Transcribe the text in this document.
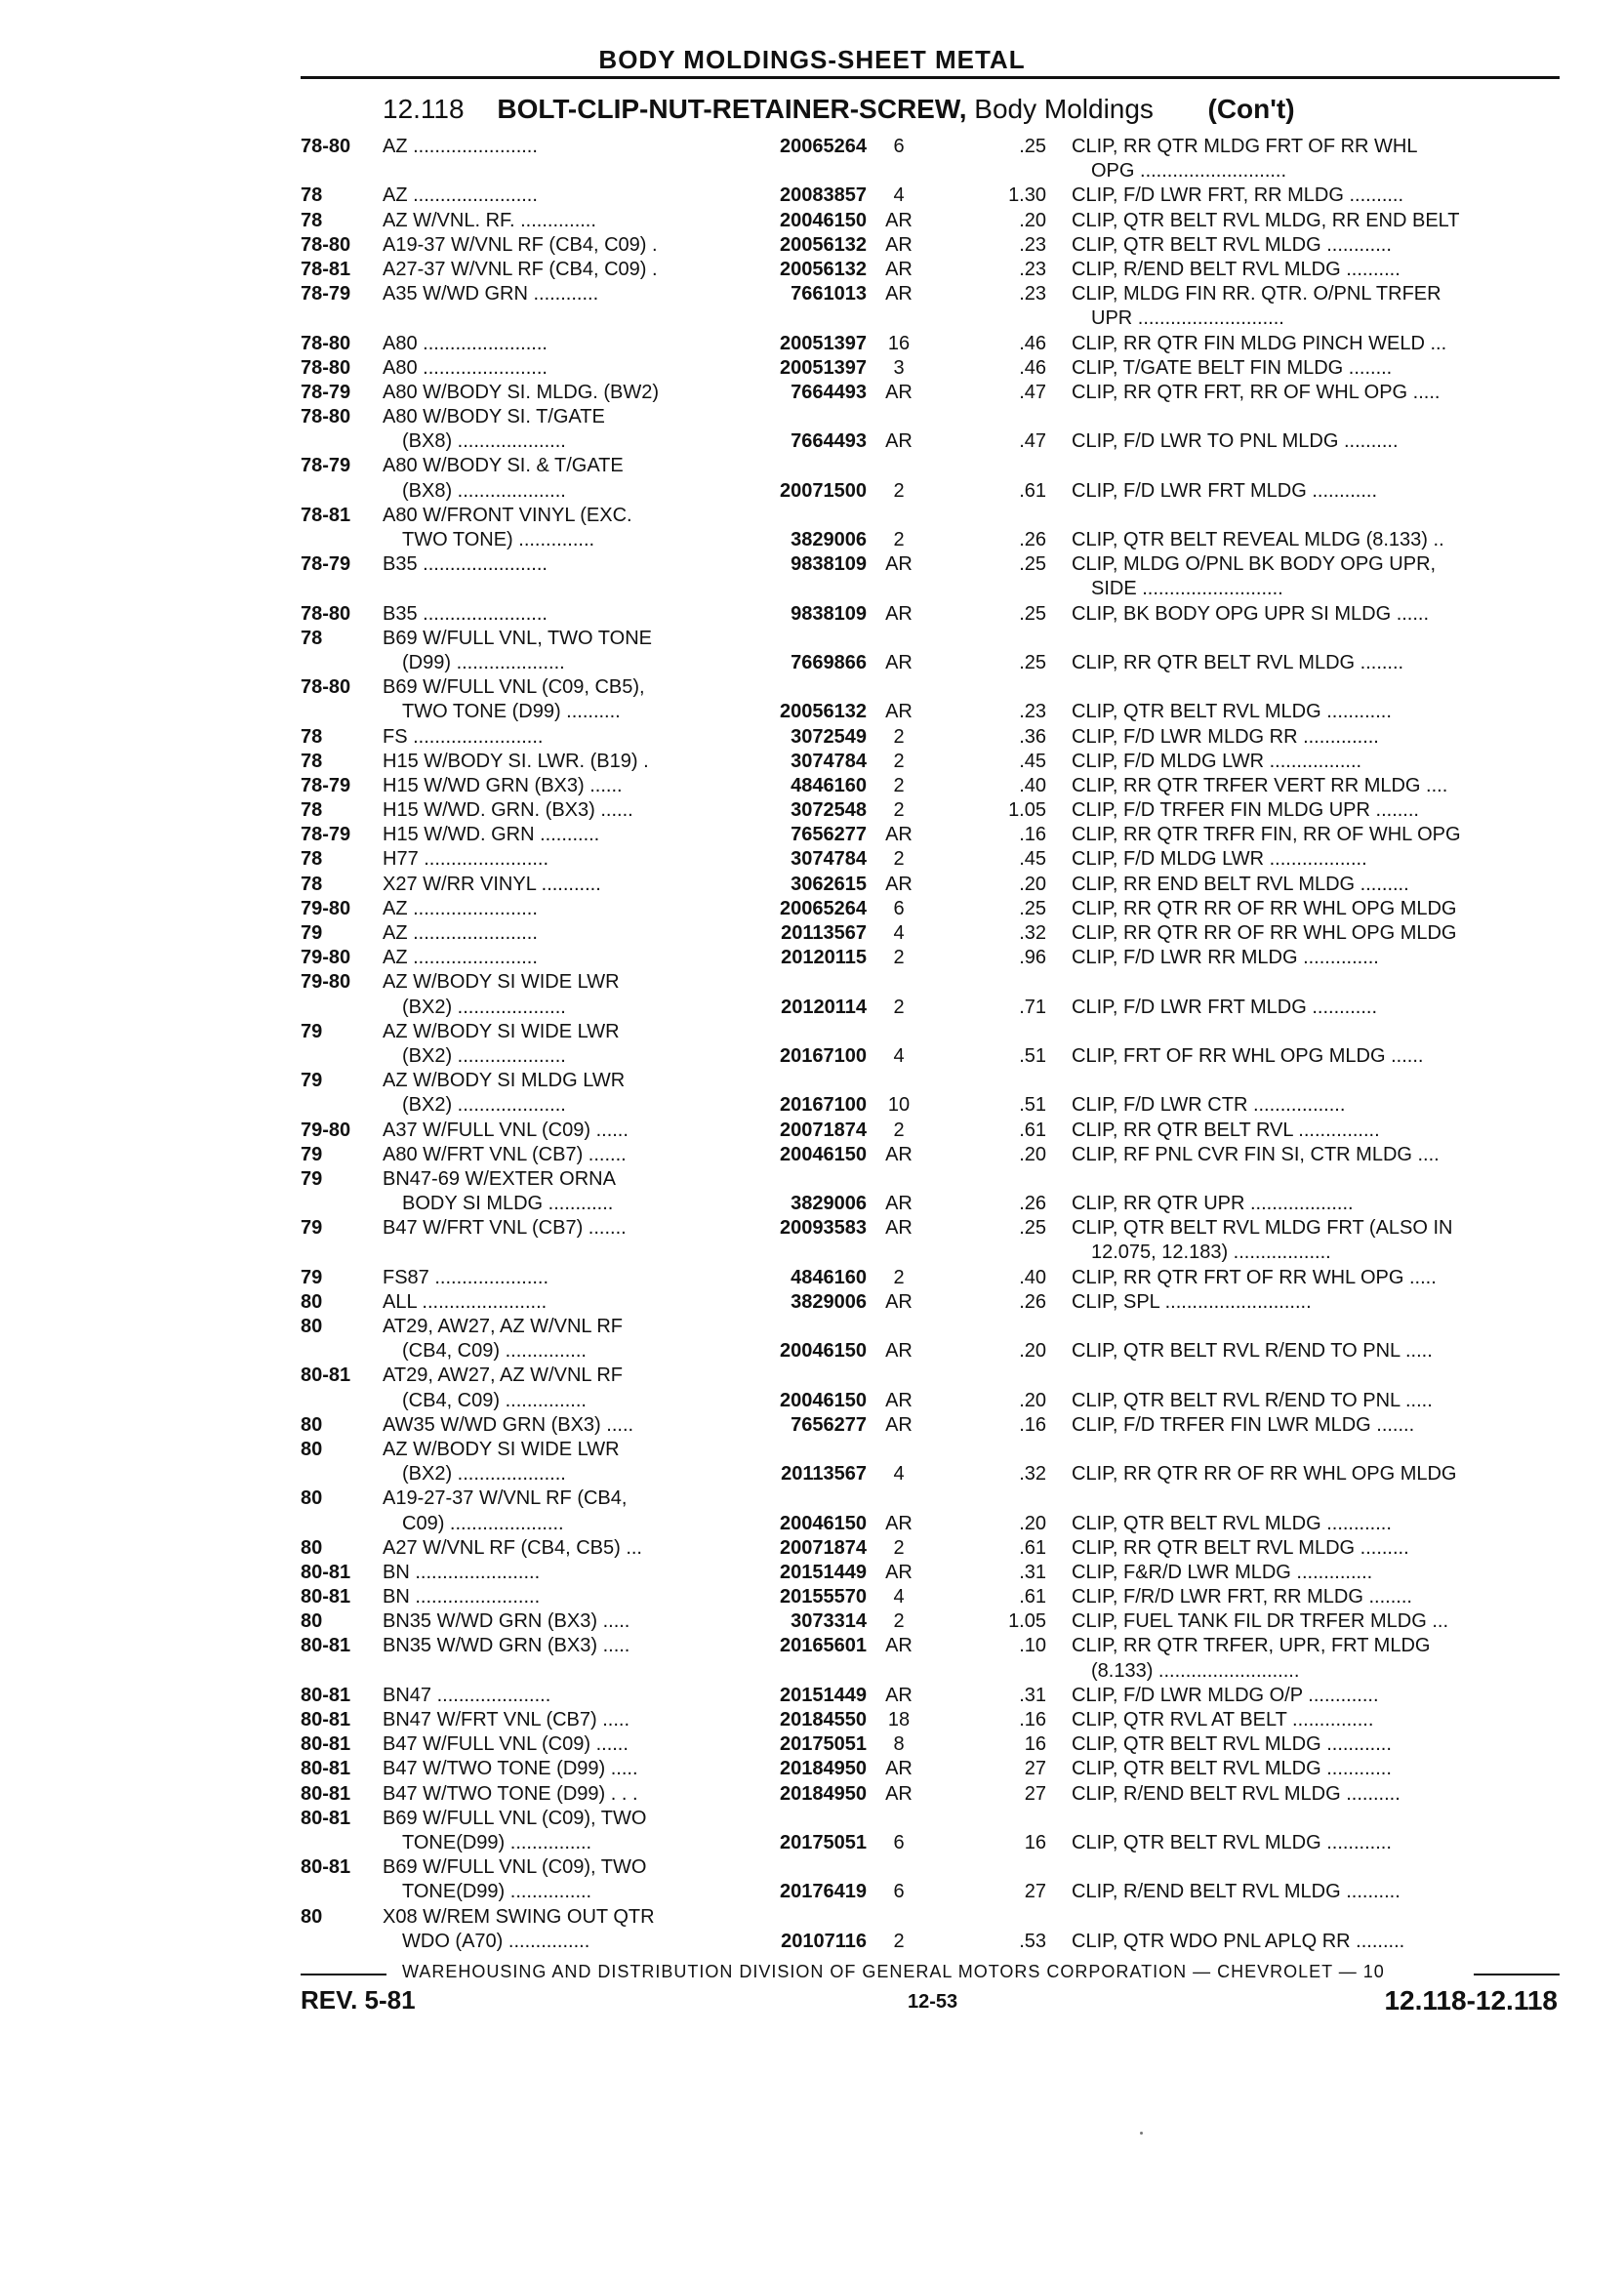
BODY MOLDINGS-SHEET METAL
12.118 BOLT-CLIP-NUT-RETAINER-SCREW, Body Moldings (Con't)
78-80	AZ .......................	20065264	6	.25 CLIP, RR QTR MLDG FRT OF RR WHL
OPG ...........................
78	AZ .......................	20083857	4	1.30 CLIP, F/D LWR FRT, RR MLDG ..........
78	AZ W/VNL. RF. ..............	20046150 AR	.20 CLIP, QTR BELT RVL MLDG, RR END BELT
78-80	A19-37 W/VNL RF (CB4, C09) .	20056132 AR	.23 CLIP, QTR BELT RVL MLDG ............
78-81	A27-37 W/VNL RF (CB4, C09) .	20056132 AR	.23 CLIP, R/END BELT RVL MLDG ..........
78-79	A35 W/WD GRN ............	7661013 AR	.23 CLIP, MLDG FIN RR. QTR. O/PNL TRFER
UPR ...........................
78-80	A80 .......................	20051397	16	.46 CLIP, RR QTR FIN MLDG PINCH WELD ...
78-80	A80 .......................	20051397	3	.46 CLIP, T/GATE BELT FIN MLDG ........
78-79	A80 W/BODY SI. MLDG. (BW2)	7664493 AR	.47 CLIP, RR QTR FRT, RR OF WHL OPG .....
78-80	A80 W/BODY SI. T/GATE
(BX8) ....................	7664493 AR	.47 CLIP, F/D LWR TO PNL MLDG ..........
78-79	A80 W/BODY SI. & T/GATE
(BX8) ....................	20071500	2	.61 CLIP, F/D LWR FRT MLDG ............
78-81	A80 W/FRONT VINYL (EXC.
TWO TONE) ..............	3829006	2	.26 CLIP, QTR BELT REVEAL MLDG (8.133) ..
78-79	B35 .......................	9838109 AR	.25 CLIP, MLDG O/PNL BK BODY OPG UPR,
SIDE ..........................
78-80	B35 .......................	9838109 AR	.25 CLIP, BK BODY OPG UPR SI MLDG ......
78	B69 W/FULL VNL, TWO TONE
(D99) ....................	7669866 AR	.25 CLIP, RR QTR BELT RVL MLDG ........
78-80	B69 W/FULL VNL (C09, CB5),
TWO TONE (D99) ..........	20056132 AR	.23 CLIP, QTR BELT RVL MLDG ............
78	FS ........................	3072549	2	.36 CLIP, F/D LWR MLDG RR ..............
78	H15 W/BODY SI. LWR. (B19) .	3074784	2	.45 CLIP, F/D MLDG LWR .................
78-79	H15 W/WD GRN (BX3) ......	4846160	2	.40 CLIP, RR QTR TRFER VERT RR MLDG ....
78	H15 W/WD. GRN. (BX3) ......	3072548	2	1.05 CLIP, F/D TRFER FIN MLDG UPR ........
78-79	H15 W/WD. GRN ...........	7656277 AR	.16 CLIP, RR QTR TRFR FIN, RR OF WHL OPG
78	H77 .......................	3074784	2	.45 CLIP, F/D MLDG LWR ..................
78	X27 W/RR VINYL ...........	3062615 AR	.20 CLIP, RR END BELT RVL MLDG .........
79-80	AZ .......................	20065264	6	.25 CLIP, RR QTR RR OF RR WHL OPG MLDG
79	AZ .......................	20113567	4	.32 CLIP, RR QTR RR OF RR WHL OPG MLDG
79-80	AZ .......................	20120115	2	.96 CLIP, F/D LWR RR MLDG ..............
79-80	AZ W/BODY SI WIDE LWR
(BX2) ....................	20120114	2	.71 CLIP, F/D LWR FRT MLDG ............
79	AZ W/BODY SI WIDE LWR
(BX2) ....................	20167100	4	.51 CLIP, FRT OF RR WHL OPG MLDG ......
79	AZ W/BODY SI MLDG LWR
(BX2) ....................	20167100	10	.51 CLIP, F/D LWR CTR .................
79-80	A37 W/FULL VNL (C09) ......	20071874	2	.61 CLIP, RR QTR BELT RVL ...............
79	A80 W/FRT VNL (CB7) .......	20046150 AR	.20 CLIP, RF PNL CVR FIN SI, CTR MLDG ....
79	BN47-69 W/EXTER ORNA
BODY SI MLDG ............	3829006 AR	.26 CLIP, RR QTR UPR ...................
79	B47 W/FRT VNL (CB7) .......	20093583 AR	.25 CLIP, QTR BELT RVL MLDG FRT (ALSO IN
12.075, 12.183) ..................
79	FS87 .....................	4846160	2	.40 CLIP, RR QTR FRT OF RR WHL OPG .....
80	ALL .......................	3829006 AR	.26 CLIP, SPL ...........................
80	AT29, AW27, AZ W/VNL RF
(CB4, C09) ...............	20046150 AR	.20 CLIP, QTR BELT RVL R/END TO PNL .....
80-81	AT29, AW27, AZ W/VNL RF
(CB4, C09) ...............	20046150 AR	.20 CLIP, QTR BELT RVL R/END TO PNL .....
80	AW35 W/WD GRN (BX3) .....	7656277 AR	.16 CLIP, F/D TRFER FIN LWR MLDG .......
80	AZ W/BODY SI WIDE LWR
(BX2) ....................	20113567	4	.32 CLIP, RR QTR RR OF RR WHL OPG MLDG
80	A19-27-37 W/VNL RF (CB4,
C09) .....................	20046150 AR	.20 CLIP, QTR BELT RVL MLDG ............
80	A27 W/VNL RF (CB4, CB5) ...	20071874	2	.61 CLIP, RR QTR BELT RVL MLDG .........
80-81	BN .......................	20151449 AR	.31 CLIP, F&R/D LWR MLDG ..............
80-81	BN .......................	20155570	4	.61 CLIP, F/R/D LWR FRT, RR MLDG ........
80	BN35 W/WD GRN (BX3) .....	3073314	2	1.05 CLIP, FUEL TANK FIL DR TRFER MLDG ...
80-81	BN35 W/WD GRN (BX3) .....	20165601 AR	.10 CLIP, RR QTR TRFER, UPR, FRT MLDG
(8.133) ..........................
80-81	BN47 .....................	20151449 AR	.31 CLIP, F/D LWR MLDG O/P .............
80-81	BN47 W/FRT VNL (CB7) .....	20184550	18	.16 CLIP, QTR RVL AT BELT ...............
80-81	B47 W/FULL VNL (C09) ......	20175051	8	16 CLIP, QTR BELT RVL MLDG ............
80-81	B47 W/TWO TONE (D99) .....	20184950 AR	27 CLIP, QTR BELT RVL MLDG ............
80-81	B47 W/TWO TONE (D99) . . .	20184950 AR	27 CLIP, R/END BELT RVL MLDG ..........
80-81	B69 W/FULL VNL (C09), TWO
TONE(D99) ...............	20175051	6	16 CLIP, QTR BELT RVL MLDG ............
80-81	B69 W/FULL VNL (C09), TWO
TONE(D99) ...............	20176419	6	27 CLIP, R/END BELT RVL MLDG ..........
80	X08 W/REM SWING OUT QTR
WDO (A70) ...............	20107116	2	.53 CLIP, QTR WDO PNL APLQ RR .........
WAREHOUSING AND DISTRIBUTION DIVISION OF GENERAL MOTORS CORPORATION — CHEVROLET — 10
REV. 5-81	12-53	12.118-12.118
